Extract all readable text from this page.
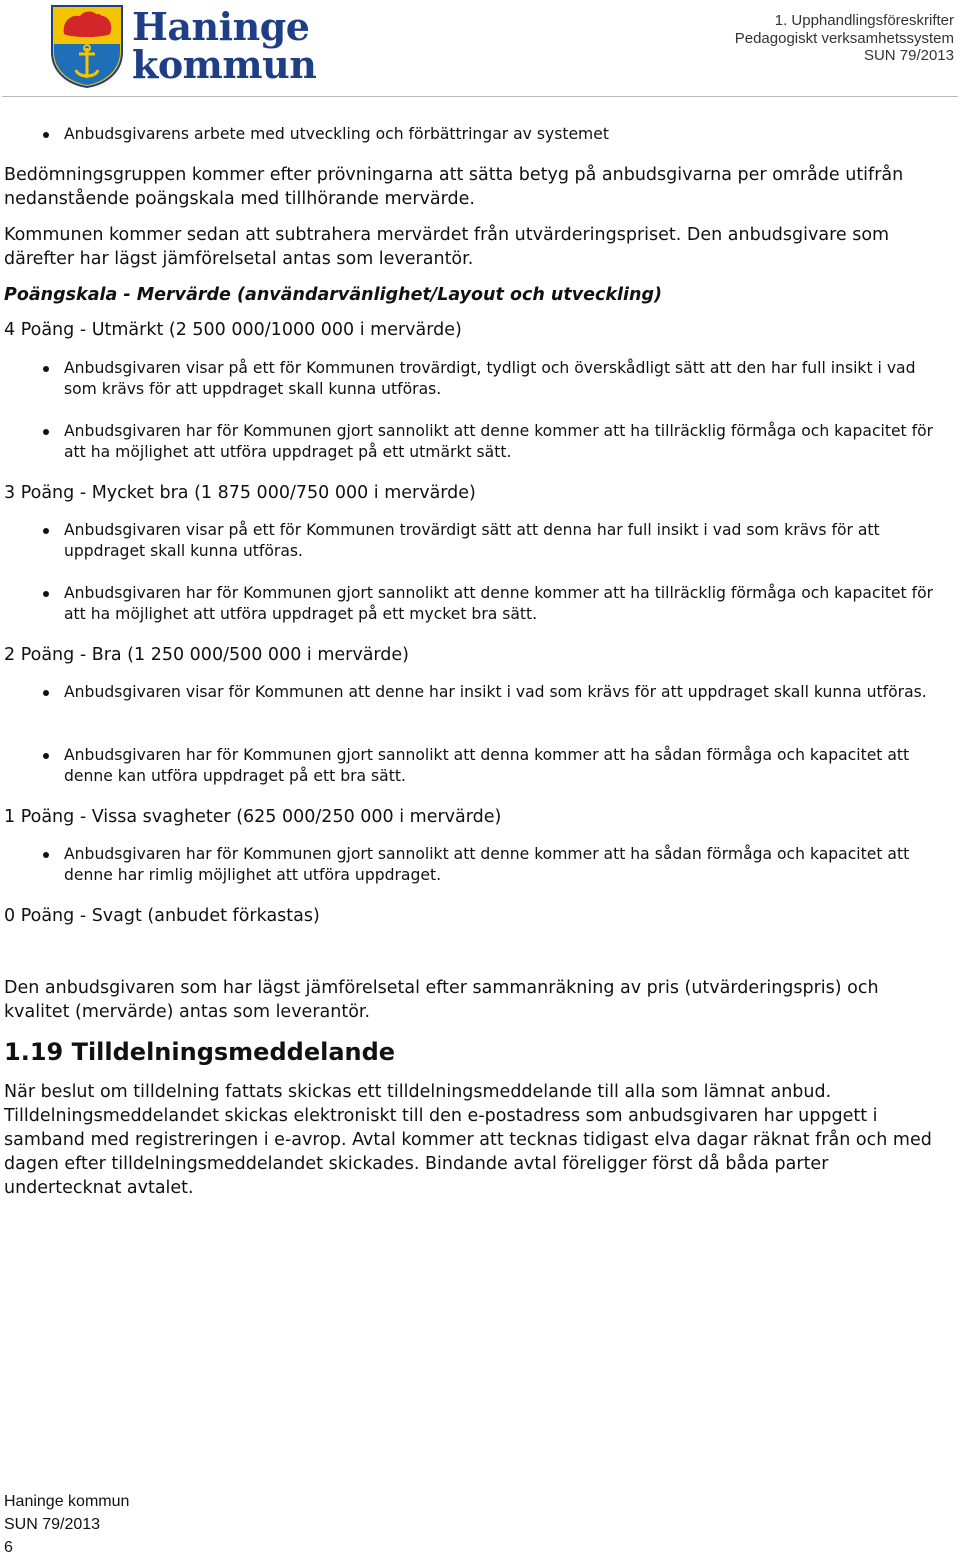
Haninge
kommun
1. Upphandlingsföreskrifter
Pedagogiskt verksamhetssystem
SUN 79/2013
Anbudsgivarens arbete med utveckling och förbättringar av systemet
Bedömningsgruppen kommer efter prövningarna att sätta betyg på anbudsgivarna per område utifrån nedanstående poängskala med tillhörande mervärde.
Kommunen kommer sedan att subtrahera mervärdet från utvärderingspriset. Den anbudsgivare som därefter har lägst jämförelsetal antas som leverantör.
Poängskala - Mervärde (användarvänlighet/Layout och utveckling)
4 Poäng - Utmärkt (2 500 000/1000 000 i mervärde)
Anbudsgivaren visar på ett för Kommunen trovärdigt, tydligt och överskådligt sätt att den har full insikt i vad som krävs för att uppdraget skall kunna utföras.
Anbudsgivaren har för Kommunen gjort sannolikt att denne kommer att ha tillräcklig förmåga och kapacitet för att ha möjlighet att utföra uppdraget på ett utmärkt sätt.
3 Poäng - Mycket bra (1 875 000/750 000 i mervärde)
Anbudsgivaren visar på ett för Kommunen trovärdigt sätt att denna har full insikt i vad som krävs för att uppdraget skall kunna utföras.
Anbudsgivaren har för Kommunen gjort sannolikt att denne kommer att ha tillräcklig förmåga och kapacitet för att ha möjlighet att utföra uppdraget på ett mycket bra sätt.
2 Poäng - Bra (1 250 000/500 000 i mervärde)
Anbudsgivaren visar för Kommunen att denne har insikt i vad som krävs för att uppdraget skall kunna utföras.
Anbudsgivaren har för Kommunen gjort sannolikt att denna kommer att ha sådan förmåga och kapacitet att denne kan utföra uppdraget på ett bra sätt.
1 Poäng - Vissa svagheter (625 000/250 000 i mervärde)
Anbudsgivaren har för Kommunen gjort sannolikt att denne kommer att ha sådan förmåga och kapacitet att denne har rimlig möjlighet att utföra uppdraget.
0 Poäng - Svagt (anbudet förkastas)
Den anbudsgivaren som har lägst jämförelsetal efter sammanräkning av pris (utvärderingspris) och kvalitet (mervärde) antas som leverantör.
1.19 Tilldelningsmeddelande
När beslut om tilldelning fattats skickas ett tilldelningsmeddelande till alla som lämnat anbud. Tilldelningsmeddelandet skickas elektroniskt till den e-postadress som anbudsgivaren har uppgett i samband med registreringen i e-avrop. Avtal kommer att tecknas tidigast elva dagar räknat från och med dagen efter tilldelningsmeddelandet skickades. Bindande avtal föreligger först då båda parter undertecknat avtalet.
Haninge kommun
SUN 79/2013
6
